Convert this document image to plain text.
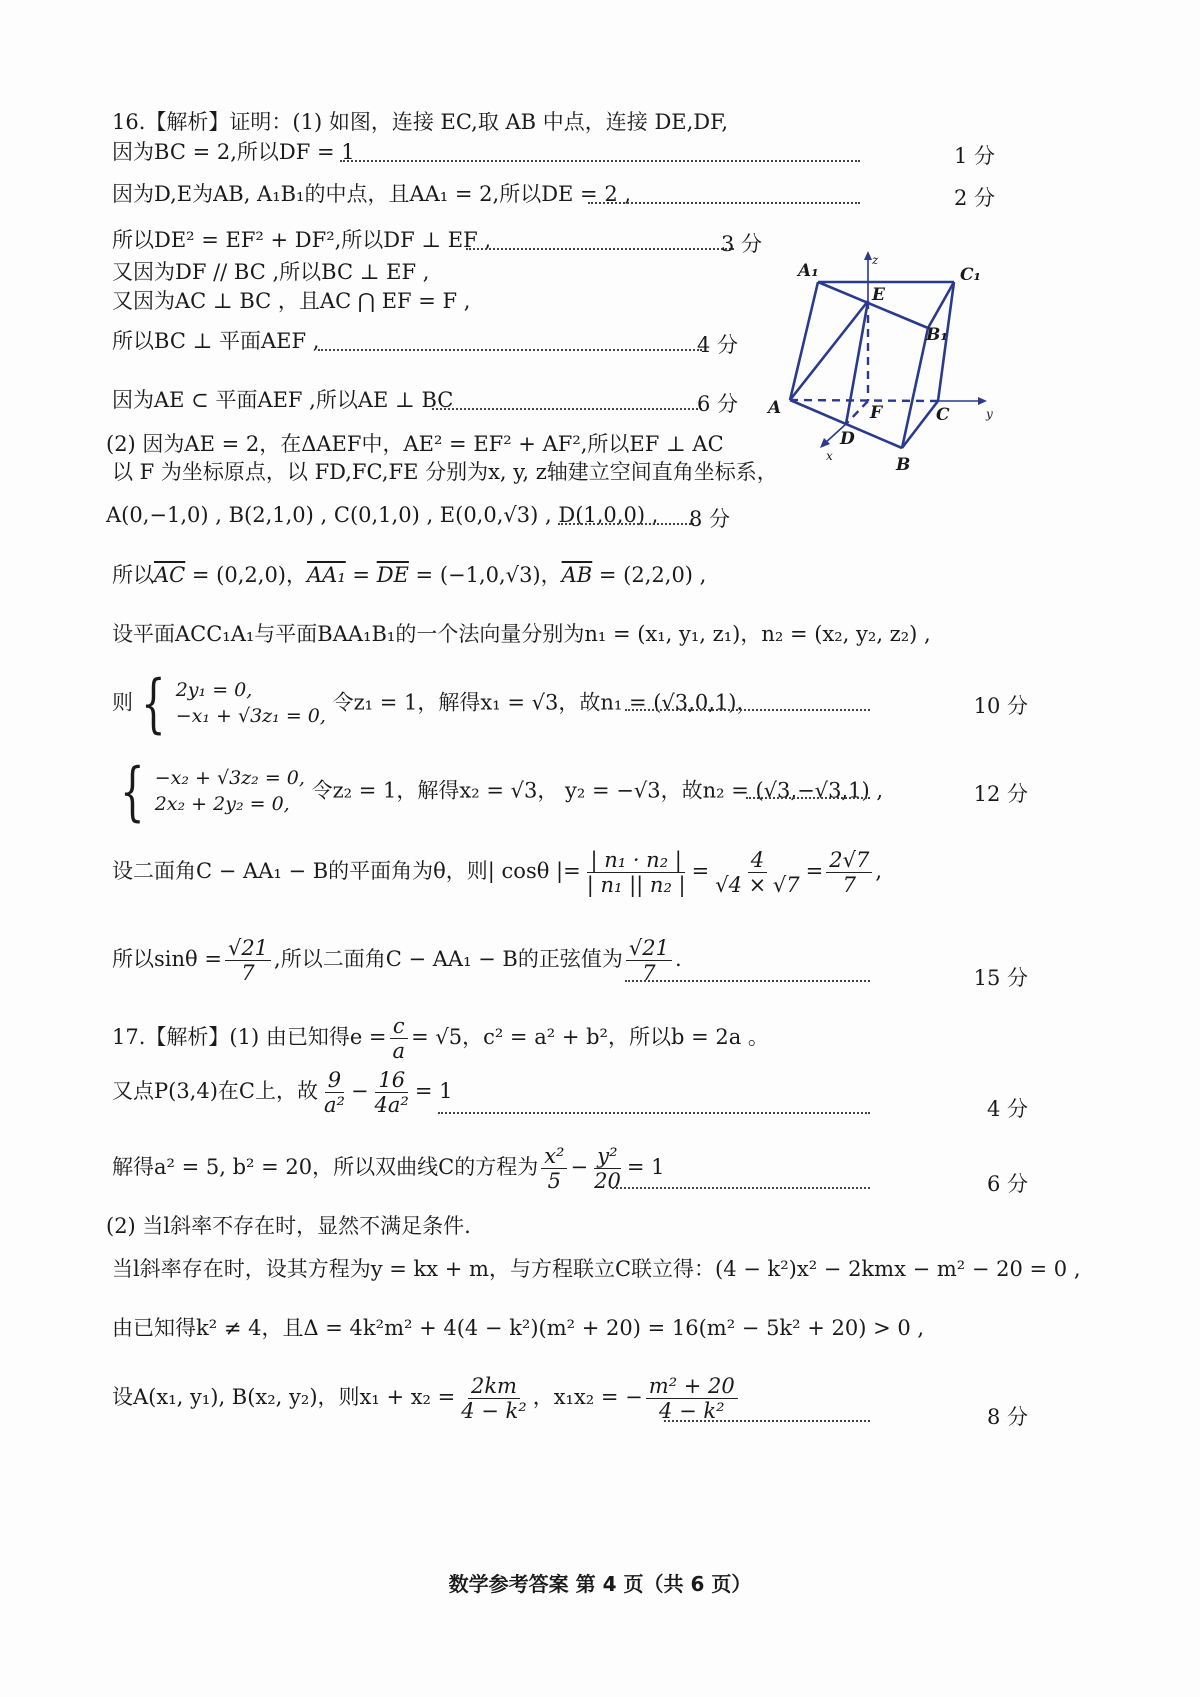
16.【解析】证明：(1) 如图，连接 EC,取 AB 中点，连接 DE,DF,
因为BC = 2,所以DF = 1	1 分
因为D,E为AB, A₁B₁的中点，且AA₁ = 2,所以DE = 2 ,	2 分
所以DE² = EF² + DF²,所以DF ⊥ EF ,	3 分
又因为DF // BC ,所以BC ⊥ EF ,
又因为AC ⊥ BC ，且AC ⋂ EF = F ,
所以BC ⊥ 平面AEF ,	4 分
因为AE ⊂ 平面AEF ,所以AE ⊥ BC	6 分
(2) 因为AE = 2，在ΔAEF中，AE² = EF² + AF²,所以EF ⊥ AC
以 F 为坐标原点，以 FD,FC,FE 分别为x, y, z轴建立空间直角坐标系，
A(0,−1,0) , B(2,1,0) , C(0,1,0) , E(0,0,√3) , D(1,0,0) , 8 分
所以$\overline{AC} = (0,2,0)$，$AA_1 = \overline{DE} = (-1,0,√3)$，$\overline{AB} = (2,2,0)$ ,
设平面ACC₁A₁与平面BAA₁B₁的一个法向量分别为n₁ = (x₁, y₁, z₁)，n₂ = (x₂, y₂, z₂) ,
则 { 2y₁ = 0,
−x₁ + √3z₁ = 0,
令z₁ = 1，解得x₁ = √3，故n₁ = (√3,0,1)，	10 分
{ −x₂ + √3z₂ = 0,
2x₂ + 2y₂ = 0,
令z₂ = 1，解得x₂ = √3， y₂ = −√3，故n₂ = (√3,−√3,1) ,	12 分
设二面角C − AA₁ − B的平面角为θ，则| cosθ |= $\frac{\text{| n₁ · n₂ |}}{\text{| n₁ || n₂ |}} = \frac{4}{√4 \times √7} = \frac{2√7}{7}$ ,
所以$\sin\theta = \frac{√21}{7}$ ,所以二面角C − AA₁ − B的正弦值为 $\frac{√21}{7}$ .
15 分
17.【解析】(1) 由已知得$e = \frac{c}{a} = √5$，c² = a² + b²，所以b = 2a 。
又点P(3,4)在C上，故 $\frac{9}{\text{a²}} - \frac{16}{\text{4a²}} = 1$
4 分
解得a² = 5, b² = 20，所以双曲线C的方程为 $\frac{\text{x²}}{5} - \frac{\text{y²}}{20} = 1$
6 分
(2) 当l斜率不存在时，显然不满足条件.
当l斜率存在时，设其方程为y = kx + m，与方程联立C联立得：(4 − k²)x² − 2kmx − m² − 20 = 0 ,
由已知得k² ≠ 4，且Δ = 4k²m² + 4(4 − k²)(m² + 20) = 16(m² − 5k² + 20) > 0 ,
设A(x₁, y₁), B(x₂, y₂)，则$x_1 + x_2 = \frac{2km}{\text{4 − k²}}$ ，x₁x₂ = − $\frac{\text{m² + 20}}{\text{4 − k²}}$	8 分
A₁	C₁
E
B₁
A	F	C
D
B
z
y
x
数学参考答案 第 4 页（共 6 页）
